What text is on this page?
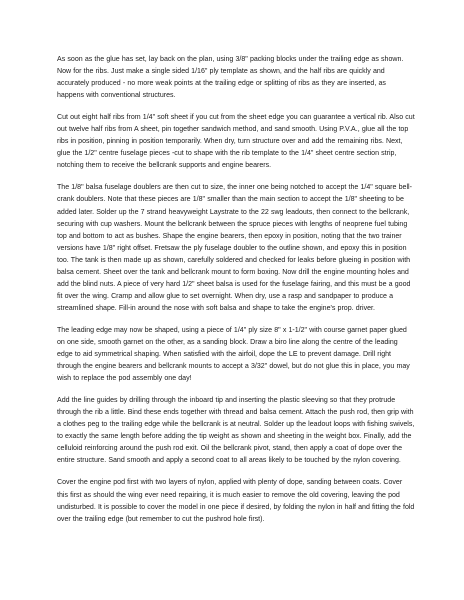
As soon as the glue has set, lay back on the plan, using 3/8" packing blocks under the trailing edge as shown. Now for the ribs. Just make a single sided 1/16" ply template as shown, and the half ribs are quickly and accurately produced - no more weak points at the trailing edge or splitting of ribs as they are inserted, as happens with conventional structures.

Cut out eight half ribs from 1/4" soft sheet if you cut from the sheet edge you can guarantee a vertical rib. Also cut out twelve half ribs from A sheet, pin together sandwich method, and sand smooth. Using P.V.A., glue all the top ribs in position, pinning in position temporarily. When dry, turn structure over and add the remaining ribs. Next, glue the 1/2" centre fuselage pieces -cut to shape with the rib template to the 1/4" sheet centre section strip, notching them to receive the bellcrank supports and engine bearers.

The 1/8" balsa fuselage doublers are then cut to size, the inner one being notched to accept the 1/4" square bell-crank doublers. Note that these pieces are 1/8" smaller than the main section to accept the 1/8" sheeting to be added later. Solder up the 7 strand heavyweight Laystrate to the 22 swg leadouts, then connect to the bellcrank, securing with cup washers. Mount the bellcrank between the spruce pieces with lengths of neoprene fuel tubing top and bottom to act as bushes. Shape the engine bearers, then epoxy in position, noting that the two trainer versions have 1/8" right offset. Fretsaw the ply fuselage doubler to the outline shown, and epoxy this in position too. The tank is then made up as shown, carefully soldered and checked for leaks before glueing in position with balsa cement. Sheet over the tank and bellcrank mount to form boxing. Now drill the engine mounting holes and add the blind nuts. A piece of very hard 1/2" sheet balsa is used for the fuselage fairing, and this must be a good fit over the wing. Cramp and allow glue to set overnight. When dry, use a rasp and sandpaper to produce a streamlined shape. Fill-in around the nose with soft balsa and shape to take the engine's prop. driver.

The leading edge may now be shaped, using a piece of 1/4" ply size 8" x 1-1/2" with course garnet paper glued on one side, smooth garnet on the other, as a sanding block. Draw a biro line along the centre of the leading edge to aid symmetrical shaping. When satisfied with the airfoil, dope the LE to prevent damage. Drill right through the engine bearers and bellcrank mounts to accept a 3/32" dowel, but do not glue this in place, you may wish to replace the pod assembly one day!

Add the line guides by drilling through the inboard tip and inserting the plastic sleeving so that they protrude through the rib a little. Bind these ends together with thread and balsa cement. Attach the push rod, then grip with a clothes peg to the trailing edge while the bellcrank is at neutral. Solder up the leadout loops with fishing swivels, to exactly the same length before adding the tip weight as shown and sheeting in the weight box. Finally, add the celluloid reinforcing around the push rod exit. Oil the bellcrank pivot, stand, then apply a coat of dope over the entire structure. Sand smooth and apply a second coat to all areas likely to be touched by the nylon covering.

Cover the engine pod first with two layers of nylon, applied with plenty of dope, sanding between coats. Cover this first as should the wing ever need repairing, it is much easier to remove the old covering, leaving the pod undisturbed. It is possible to cover the model in one piece if desired, by folding the nylon in half and fitting the fold over the trailing edge (but remember to cut the pushrod hole first).
